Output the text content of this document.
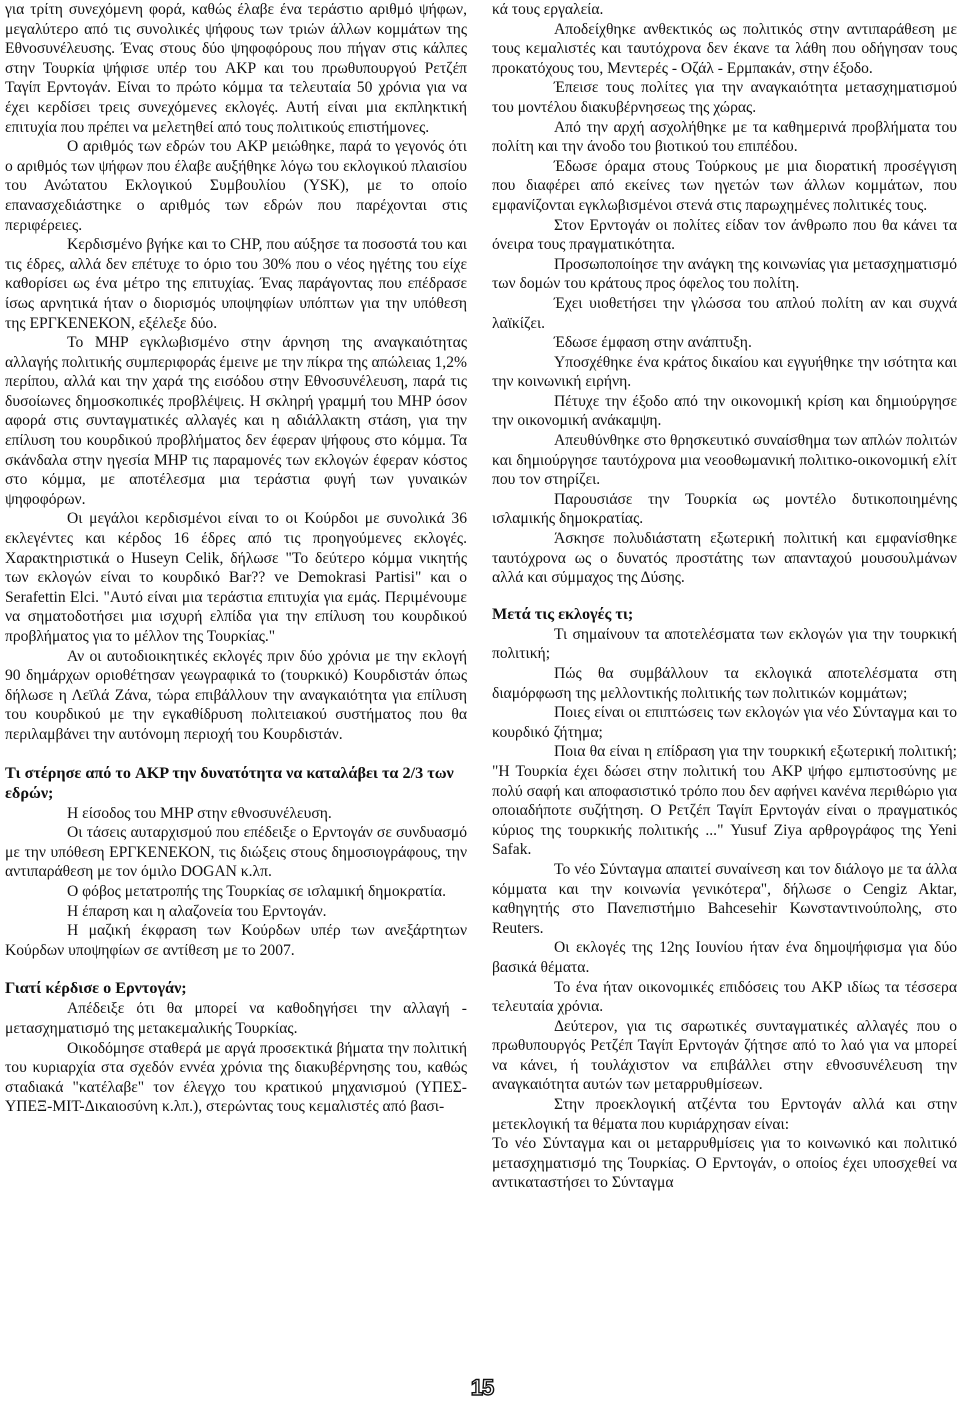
για τρίτη συνεχόμενη φορά, καθώς έλαβε ένα τεράστιο αριθμό ψήφων, μεγαλύτερο από τις συνολικές ψήφους των τριών άλλων κομμάτων της Εθνοσυνέλευσης. Ένας στους δύο ψηφοφόρους που πήγαν στις κάλπες στην Τουρκία ψήφισε υπέρ του AKP και του πρωθυπουργού Ρετζέπ Ταγίπ Ερντογάν. Είναι το πρώτο κόμμα τα τελευταία 50 χρόνια για να έχει κερδίσει τρεις συνεχόμενες εκλογές. Αυτή είναι μια εκπληκτική επιτυχία που πρέπει να μελετηθεί από τους πολιτικούς επιστήμονες.

Ο αριθμός των εδρών του AKP μειώθηκε, παρά το γεγονός ότι ο αριθμός των ψήφων που έλαβε αυξήθηκε λόγω του εκλογικού πλαισίου του Ανώτατου Εκλογικού Συμβουλίου (YSK), με το οποίο επανασχεδιάστηκε ο αριθμός των εδρών που παρέχονται στις περιφέρειες.

Κερδισμένο βγήκε και το CHP, που αύξησε τα ποσοστά του και τις έδρες, αλλά δεν επέτυχε το όριο του 30% που ο νέος ηγέτης του είχε καθορίσει ως ένα μέτρο της επιτυχίας. Ένας παράγοντας που επέδρασε ίσως αρνητικά ήταν ο διορισμός υποψηφίων υπόπτων για την υπόθεση της ΕΡΓΚΕΝΕΚΟΝ, εξέλεξε δύο.

Το MHP εγκλωβισμένο στην άρνηση της αναγκαιότητας αλλαγής πολιτικής συμπεριφοράς έμεινε με την πίκρα της απώλειας 1,2% περίπου, αλλά και την χαρά της εισόδου στην Εθνοσυνέλευση, παρά τις δυσοίωνες δημοσκοπικές προβλέψεις. Η σκληρή γραμμή του MHP όσον αφορά στις συνταγματικές αλλαγές και η αδιάλλακτη στάση, για την επίλυση του κουρδικού προβλήματος δεν έφεραν ψήφους στο κόμμα. Τα σκάνδαλα στην ηγεσία MHP τις παραμονές των εκλογών έφεραν κόστος στο κόμμα, με αποτέλεσμα μια τεράστια φυγή των γυναικών ψηφοφόρων.

Οι μεγάλοι κερδισμένοι είναι το οι Κούρδοι με συνολικά 36 εκλεγέντες και κέρδος 16 έδρες από τις προηγούμενες εκλογές. Χαρακτηριστικά ο Huseyn Celik, δήλωσε "Το δεύτερο κόμμα νικητής των εκλογών είναι το κουρδικό Bar?? ve Demokrasi Partisi" και ο Serafettin Elci. "Αυτό είναι μια τεράστια επιτυχία για εμάς. Περιμένουμε να σηματοδοτήσει μια ισχυρή ελπίδα για την επίλυση του κουρδικού προβλήματος για το μέλλον της Τουρκίας."

Αν οι αυτοδιοικητικές εκλογές πριν δύο χρόνια με την εκλογή 90 δημάρχων οριοθέτησαν γεωγραφικά το (τουρκικό) Κουρδιστάν όπως δήλωσε η Λεϊλά Ζάνα, τώρα επιβάλλουν την αναγκαιότητα για επίλυση του κουρδικού με την εγκαθίδρυση πολιτειακού συστήματος που θα περιλαμβάνει την αυτόνομη περιοχή του Κουρδιστάν.

Τι στέρησε από το AKP την δυνατότητα να καταλάβει τα 2/3 των εδρών;

Η είσοδος του MHP στην εθνοσυνέλευση.

Οι τάσεις αυταρχισμού που επέδειξε ο Ερντογάν σε συνδυασμό με την υπόθεση ΕΡΓΚΕΝΕΚΟΝ, τις διώξεις στους δημοσιογράφους, την αντιπαράθεση με τον όμιλο DOGAN κ.λπ.

Ο φόβος μετατροπής της Τουρκίας σε ισλαμική δημοκρατία.

Η έπαρση και η αλαζονεία του Ερντογάν.

Η μαζική έκφραση των Κούρδων υπέρ των ανεξάρτητων Κούρδων υποψηφίων σε αντίθεση με το 2007.

Γιατί κέρδισε ο Ερντογάν;

Απέδειξε ότι θα μπορεί να καθοδηγήσει την αλλαγή - μετασχηματισμό της μετακεμαλικής Τουρκίας.

Οικοδόμησε σταθερά με αργά προσεκτικά βήματα την πολιτική του κυριαρχία στα σχεδόν εννέα χρόνια της διακυβέρνησης του, καθώς σταδιακά "κατέλαβε" τον έλεγχο του κρατικού μηχανισμού (ΥΠΕΣ-ΥΠΕΞ-ΜΙΤ-Δικαιοσύνη κ.λπ.), στερώντας τους κεμαλιστές από βασι-

κά τους εργαλεία.

Αποδείχθηκε ανθεκτικός ως πολιτικός στην αντιπαράθεση με τους κεμαλιστές και ταυτόχρονα δεν έκανε τα λάθη που οδήγησαν τους προκατόχους του, Μεντερές - Οζάλ - Ερμπακάν, στην έξοδο.

Έπεισε τους πολίτες για την αναγκαιότητα μετασχηματισμού του μοντέλου διακυβέρνησεως της χώρας.

Από την αρχή ασχολήθηκε με τα καθημερινά προβλήματα του πολίτη και την άνοδο του βιοτικού του επιπέδου.

Έδωσε όραμα στους Τούρκους με μια διορατική προσέγγιση που διαφέρει από εκείνες των ηγετών των άλλων κομμάτων, που εμφανίζονται εγκλωβισμένοι στενά στις παρωχημένες πολιτικές τους.

Στον Ερντογάν οι πολίτες είδαν τον άνθρωπο που θα κάνει τα όνειρα τους πραγματικότητα.

Προσωποποίησε την ανάγκη της κοινωνίας για μετασχηματισμό των δομών του κράτους προς όφελος του πολίτη.

Έχει υιοθετήσει την γλώσσα του απλού πολίτη αν και συχνά λαϊκίζει.

Έδωσε έμφαση στην ανάπτυξη.

Υποσχέθηκε ένα κράτος δικαίου και εγγυήθηκε την ισότητα και την κοινωνική ειρήνη.

Πέτυχε την έξοδο από την οικονομική κρίση και δημιούργησε την οικονομική ανάκαμψη.

Απευθύνθηκε στο θρησκευτικό συναίσθημα των απλών πολιτών και δημιούργησε ταυτόχρονα μια νεοοθωμανική πολιτικο-οικονομική ελίτ που τον στηρίζει.

Παρουσιάσε την Τουρκία ως μοντέλο δυτικοποιημένης ισλαμικής δημοκρατίας.

Άσκησε πολυδιάστατη εξωτερική πολιτική και εμφανίσθηκε ταυτόχρονα ως ο δυνατός προστάτης των απανταχού μουσουλμάνων αλλά και σύμμαχος της Δύσης.

Μετά τις εκλογές τι;

Τι σημαίνουν τα αποτελέσματα των εκλογών για την τουρκική πολιτική;

Πώς θα συμβάλλουν τα εκλογικά αποτελέσματα στη διαμόρφωση της μελλοντικής πολιτικής των πολιτικών κομμάτων;

Ποιες είναι οι επιπτώσεις των εκλογών για νέο Σύνταγμα και το κουρδικό ζήτημα;

Ποια θα είναι η επίδραση για την τουρκική εξωτερική πολιτική; "Η Τουρκία έχει δώσει στην πολιτική του AKP ψήφο εμπιστοσύνης με πολύ σαφή και αποφασιστικό τρόπο που δεν αφήνει κανένα περιθώριο για οποιαδήποτε συζήτηση. Ο Ρετζέπ Ταγίπ Ερντογάν είναι ο πραγματικός κύριος της τουρκικής πολιτικής ..." Yusuf Ziya αρθρογράφος της Yeni Safak.

Το νέο Σύνταγμα απαιτεί συναίνεση και τον διάλογο με τα άλλα κόμματα και την κοινωνία γενικότερα", δήλωσε ο Cengiz Aktar, καθηγητής στο Πανεπιστήμιο Bahcesehir Κωνσταντινούπολης, στο Reuters.

Οι εκλογές της 12ης Ιουνίου ήταν ένα δημοψήφισμα για δύο βασικά θέματα.

Το ένα ήταν οικονομικές επιδόσεις του AKP ιδίως τα τέσσερα τελευταία χρόνια.

Δεύτερον, για τις σαρωτικές συνταγματικές αλλαγές που ο πρωθυπουργός Ρετζέπ Ταγίπ Ερντογάν ζήτησε από το λαό για να μπορεί να κάνει, ή τουλάχιστον να επιβάλλει στην εθνοσυνέλευση την αναγκαιότητα αυτών των μεταρρυθμίσεων.

Στην προεκλογική ατζέντα του Ερντογάν αλλά και στην μετεκλογική τα θέματα που κυριάρχησαν είναι:

Το νέο Σύνταγμα και οι μεταρρυθμίσεις για το κοινωνικό και πολιτικό μετασχηματισμό της Τουρκίας. Ο Ερντογάν, ο οποίος έχει υποσχεθεί να αντικαταστήσει το Σύνταγμα

15
